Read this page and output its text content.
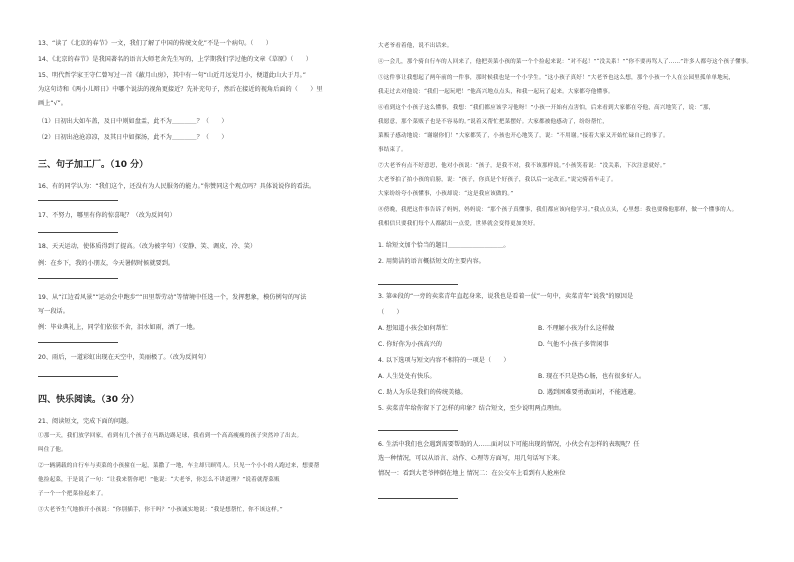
13、“读了《北京的春节》一文，我们了解了中国的传统文化”不是一个病句。（　　）
14、《北京的春节》是我国著名的语言大师老舍先生写的，上学期我们学过他的文章《草原》（　　）
15、明代哲学家王守仁曾写过一首《蔽月山房》，其中有一句“山近月远觉月小，便道此山大于月。”
为这句诗和《两小儿辩日》中哪个说法的视角更接近？先补充句子，然后在接近的视角后面的（　　）里
画上“√”。
（1）日初出大如车盖，及日中则如盘盂，此不为＿＿＿＿？（　　）
（2）日初出沧沧凉凉，及其日中如探汤，此不为＿＿＿＿？（　　）
三、句子加工厂。（10 分）
16、有的同学认为：“我们这个，还没有为人民服务的能力。”你赞同这个观点吗？具体说说你的看法。
17、不努力，哪里有你的惊喜呢？（改为反问句）
18、天天运动，使体质得到了提高。（改为被字句）（安静、笑、调皮、冷、笑）
例：在乡下，我的小朋友，今天暑假时候就要到。
19、从“江边看风景”“运动会中跑步”“田里帮劳动”等情境中任选一个，发挥想象，模仿例句的写法
写一段话。
例：毕业典礼上，同学们依依不舍，泪水如雨，洒了一地。
20、雨后，一道彩虹出现在天空中，美丽极了。（改为反问句）
四、快乐阅读。（30 分）
21、阅读短文，完成下面的问题。
①那一天，我们放学回家，看到有几个孩子在马路边踢足球，我看到一个高高瘦瘦的孩子突然冲了出去。
叫住了他。
②一辆满载的自行车与卖菜的小孩撞在一起，菜撒了一地，车主却只顾骂人。只见一个小小的人跑过来，想要帮
他捡起菜，于是说了一句：“让我来帮你吧！”他说：“大老爷，你怎么不讲道理？”说着就帮菜贩
子一个一个把菜捡起来了。
③大老爷生气地推开小孩说：“你别插手，你干吗？”小孩诚实地说：“我是想帮忙，你不该这样。”
大老爷看着他，说不出话来。
④一会儿，那个骑自行车的人回来了，他把卖菜小孩的菜一个个捡起来说：“对不起！”“没关系！”“你不要再骂人了……”许多人都夸这个孩子懂事。
⑤这件事让我想起了两年前的一件事，那时候我也是一个小学生。“这小孩子真好！”大老爷也这么想，那个小孩一个人在公园里孤单单地玩，
我走过去对他说：“我们一起玩吧！”他高兴地点点头，和我一起玩了起来。大家都夸他懂事。
⑥看到这个小孩子这么懂事，我想：“我们都应该学习他呀！”小孩一开始有点害怕，后来看到大家都在夸他，高兴地笑了，说：“那，
我愿意，那个菜贩子也是不容易的。”说着又帮忙把菜摆好。大家都被他感动了，纷纷帮忙，
菜贩子感动地说：“谢谢你们！”大家都笑了，小孩也开心地笑了，说：“不用谢。”接着大家又开始忙碌自己的事了。
事结束了。
⑦大老爷有点不好意思，他对小孩说：“孩子，是我不对，我不该那样说。”小孩笑着说：“没关系，下次注意就好。”
大老爷拍了拍小孩的肩膀，说：“孩子，你真是个好孩子，我以后一定改正。”说完骑着车走了。
大家纷纷夸小孩懂事，小孩却说：“这是我应该做的。”
⑧傍晚，我把这件事告诉了妈妈，妈妈说：“那个孩子真懂事，我们都应该向他学习。”我点点头，心里想：我也要像他那样，做一个懂事的人。
我相信只要我们每个人都献出一点爱，世界就会变得更加美好。
1. 给短文加个恰当的题目＿＿＿＿＿＿＿＿＿。
2. 用简洁的语言概括短文的主要内容。
3. 第④段的“一旁的卖菜青年直起身来，说我也是看着一仗”一句中，卖菜青年“说我”的原因是
（　　）
A. 想知道小孩会如何帮忙	B. 不理解小孩为什么这样做
C. 你好你为小孩高兴的	D. 气他不小孩子多管闲事
4. 以下选项与短文内容不相符的一项是（　　）
A. 人生处处有快乐。	B. 现在不只是热心肠，也有很多好人。
C. 助人为乐是我们的传统美德。	D. 遇到困难要勇敢面对，不能逃避。
5. 卖菜青年给你留下了怎样的印象？结合短文，至少说明两点理由。
6. 生活中我们也会遇到需要帮助的人……面对以下可能出现的情况，小伙会有怎样的表现呢？任
选一种情况，可以从语言、动作、心理等方面写，用几句话写下来。
情况一：看到大老爷摔倒在地上 情况二：在公交车上看到有人抢座位
